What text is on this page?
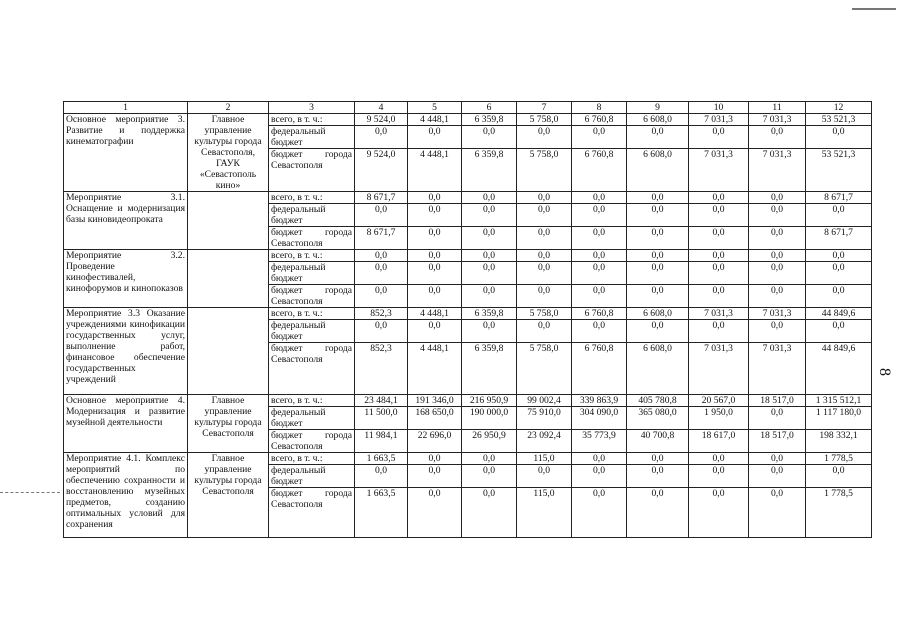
8
1	2	3	4	5	6	7	8	9	10	11	12
Основное мероприятие 3. Развитие и поддержка кинематографии	Главное управление культуры города Севастополя, ГАУК «Севастополь кино»	всего, в т. ч.:	9 524,0	4 448,1	6 359,8	5 758,0	6 760,8	6 608,0	7 031,3	7 031,3	53 521,3
		федеральный бюджет	0,0	0,0	0,0	0,0	0,0	0,0	0,0	0,0	0,0
		бюджет города Севастополя	9 524,0	4 448,1	6 359,8	5 758,0	6 760,8	6 608,0	7 031,3	7 031,3	53 521,3
Мероприятие 3.1. Оснащение и модернизация базы киновидеопроката		всего, в т. ч.:	8 671,7	0,0	0,0	0,0	0,0	0,0	0,0	0,0	8 671,7
		федеральный бюджет	0,0	0,0	0,0	0,0	0,0	0,0	0,0	0,0	0,0
		бюджет города Севастополя	8 671,7	0,0	0,0	0,0	0,0	0,0	0,0	0,0	8 671,7
Мероприятие 3.2. Проведение кинофестивалей, кинофорумов и кинопоказов		всего, в т. ч.:	0,0	0,0	0,0	0,0	0,0	0,0	0,0	0,0	0,0
		федеральный бюджет	0,0	0,0	0,0	0,0	0,0	0,0	0,0	0,0	0,0
		бюджет города Севастополя	0,0	0,0	0,0	0,0	0,0	0,0	0,0	0,0	0,0
Мероприятие 3.3 Оказание учреждениями кинофикации государственных услуг, выполнение работ, финансовое обеспечение государственных учреждений		всего, в т. ч.:	852,3	4 448,1	6 359,8	5 758,0	6 760,8	6 608,0	7 031,3	7 031,3	44 849,6
		федеральный бюджет	0,0	0,0	0,0	0,0	0,0	0,0	0,0	0,0	0,0
		бюджет города Севастополя	852,3	4 448,1	6 359,8	5 758,0	6 760,8	6 608,0	7 031,3	7 031,3	44 849,6
Основное мероприятие 4. Модернизация и развитие музейной деятельности	Главное управление культуры города Севастополя	всего, в т. ч.:	23 484,1	191 346,0	216 950,9	99 002,4	339 863,9	405 780,8	20 567,0	18 517,0	1 315 512,1
		федеральный бюджет	11 500,0	168 650,0	190 000,0	75 910,0	304 090,0	365 080,0	1 950,0	0,0	1 117 180,0
		бюджет города Севастополя	11 984,1	22 696,0	26 950,9	23 092,4	35 773,9	40 700,8	18 617,0	18 517,0	198 332,1
Мероприятие 4.1. Комплекс мероприятий по обеспечению сохранности и восстановлению музейных предметов, созданию оптимальных условий для сохранения	Главное управление культуры города Севастополя	всего, в т. ч.:	1 663,5	0,0	0,0	115,0	0,0	0,0	0,0	0,0	1 778,5
		федеральный бюджет	0,0	0,0	0,0	0,0	0,0	0,0	0,0	0,0	0,0
		бюджет города Севастополя	1 663,5	0,0	0,0	115,0	0,0	0,0	0,0	0,0	1 778,5
